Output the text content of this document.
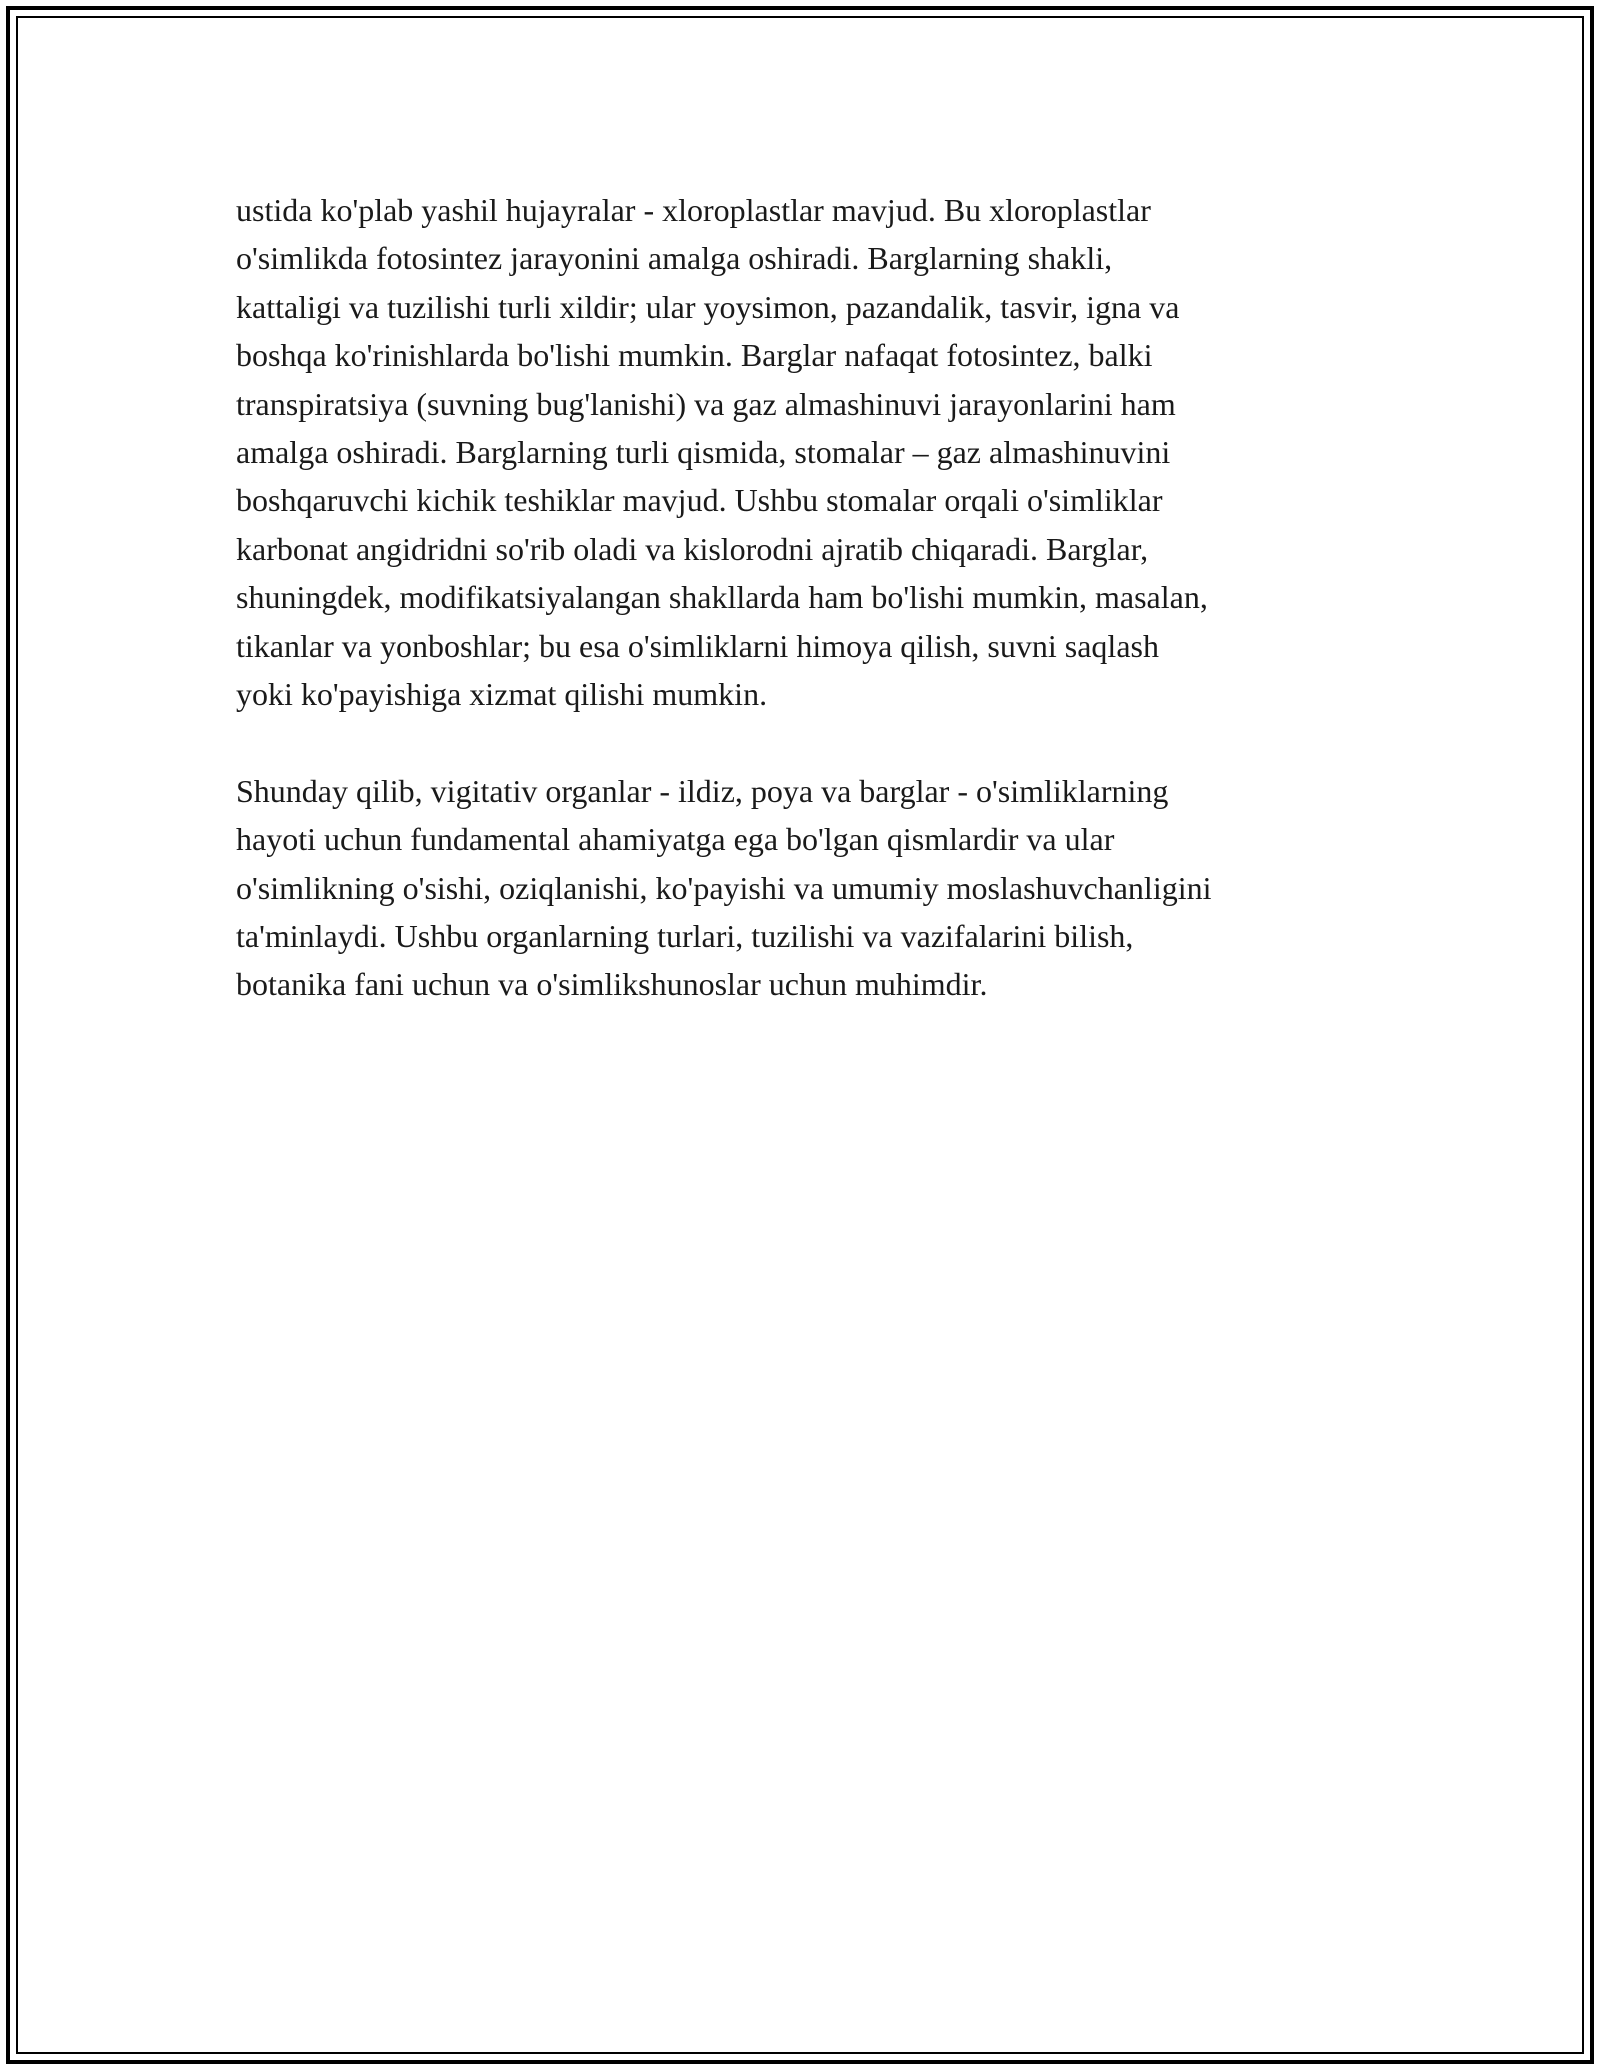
ustida ko'plab yashil hujayralar - xloroplastlar mavjud. Bu xloroplastlar
o'simlikda fotosintez jarayonini amalga oshiradi. Barglarning shakli,
kattaligi va tuzilishi turli xildir; ular yoysimon, pazandalik, tasvir, igna va
boshqa ko'rinishlarda bo'lishi mumkin. Barglar nafaqat fotosintez, balki
transpiratsiya (suvning bug'lanishi) va gaz almashinuvi jarayonlarini ham
amalga oshiradi. Barglarning turli qismida, stomalar – gaz almashinuvini
boshqaruvchi kichik teshiklar mavjud. Ushbu stomalar orqali o'simliklar
karbonat angidridni so'rib oladi va kislorodni ajratib chiqaradi. Barglar,
shuningdek, modifikatsiyalangan shakllarda ham bo'lishi mumkin, masalan,
tikanlar va yonboshlar; bu esa o'simliklarni himoya qilish, suvni saqlash
yoki ko'payishiga xizmat qilishi mumkin.

Shunday qilib, vigitativ organlar - ildiz, poya va barglar - o'simliklarning
hayoti uchun fundamental ahamiyatga ega bo'lgan qismlardir va ular
o'simlikning o'sishi, oziqlanishi, ko'payishi va umumiy moslashuvchanligini
ta'minlaydi. Ushbu organlarning turlari, tuzilishi va vazifalarini bilish,
botanika fani uchun va o'simlikshunoslar uchun muhimdir.
